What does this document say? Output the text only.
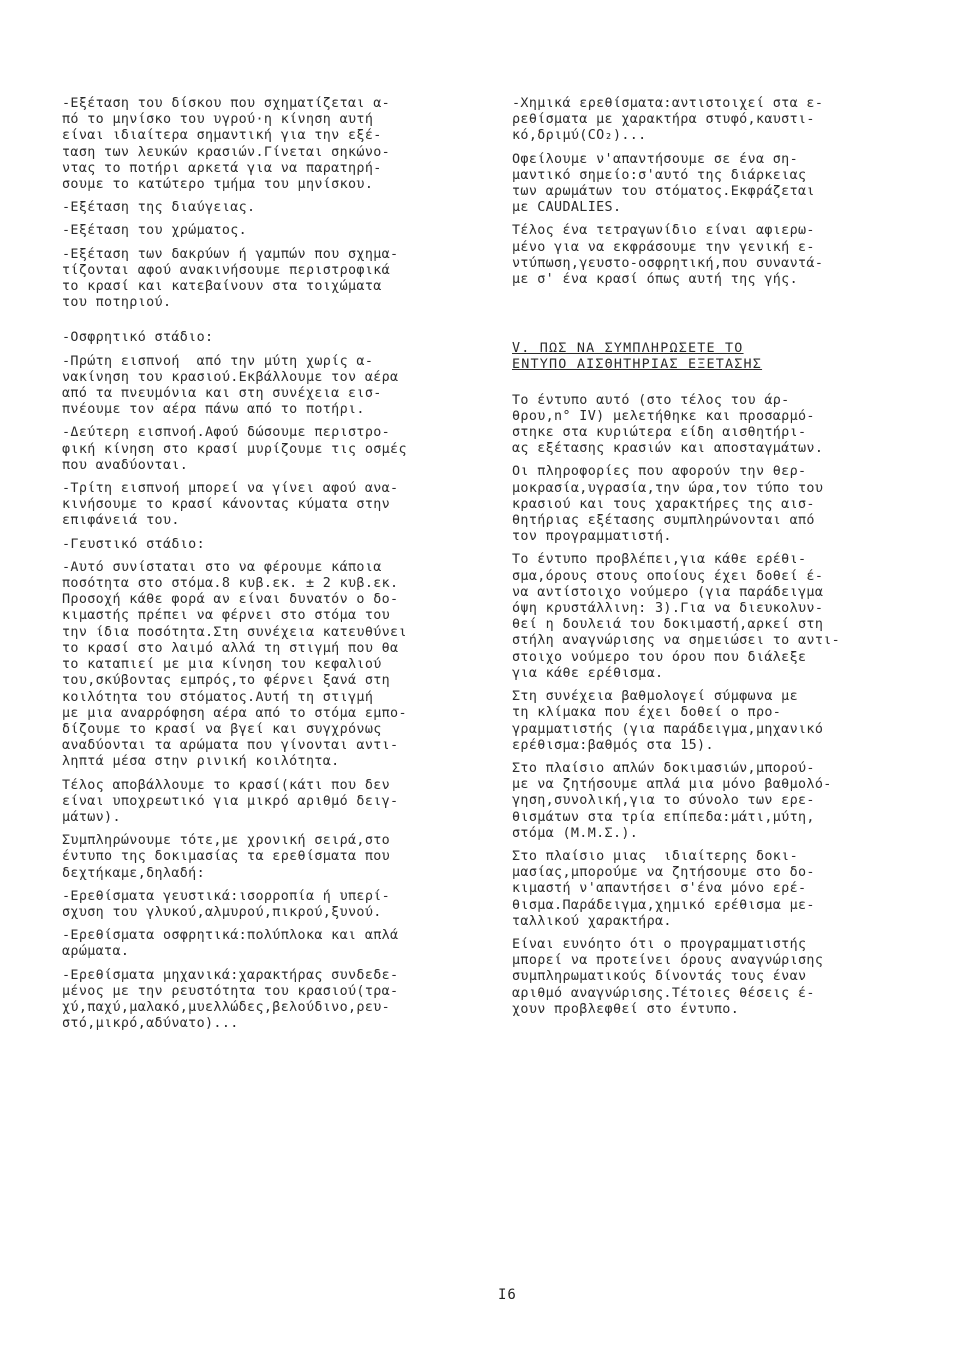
-Εξέταση του δίσκου που σχηματίζεται α-
πό το μηνίσκο του υγρού·η κίνηση αυτή
είναι ιδιαίτερα σημαντική για την εξέ-
ταση των λευκών κρασιών.Γίνεται σηκώνο-
ντας το ποτήρι αρκετά για να παρατηρή-
σουμε το κατώτερο τμήμα του μηνίσκου.
-Εξέταση της διαύγειας.
-Εξέταση του χρώματος.
-Εξέταση των δακρύων ή γαμπών που σχημα-
τίζονται αφού ανακινήσουμε περιστροφικά
το κρασί και κατεβαίνουν στα τοιχώματα
του ποτηριού.
-Οσφρητικό στάδιο:
-Πρώτη εισπνοή  από την μύτη χωρίς α-
νακίνηση του κρασιού.Εκβάλλουμε τον αέρα
από τα πνευμόνια και στη συνέχεια εισ-
πνέουμε τον αέρα πάνω από το ποτήρι.
-Δεύτερη εισπνοή.Αφού δώσουμε περιστρο-
φική κίνηση στο κρασί μυρίζουμε τις οσμές
που αναδύονται.
-Τρίτη εισπνοή μπορεί να γίνει αφού ανα-
κινήσουμε το κρασί κάνοντας κύματα στην
επιφάνειά του.
-Γευστικό στάδιο:
-Αυτό συνίσταται στο να φέρουμε κάποια
ποσότητα στο στόμα.8 κυβ.εκ. ± 2 κυβ.εκ.
Προσοχή κάθε φορά αν είναι δυνατόν ο δο-
κιμαστής πρέπει να φέρνει στο στόμα του
την ίδια ποσότητα.Στη συνέχεια κατευθύνει
το κρασί στο λαιμό αλλά τη στιγμή που θα
το καταπιεί με μια κίνηση του κεφαλιού
του,σκύβοντας εμπρός,το φέρνει ξανά στη
κοιλότητα του στόματος.Αυτή τη στιγμή
με μια αναρρόφηση αέρα από το στόμα εμπο-
δίζουμε το κρασί να βγεί και συγχρόνως
αναδύονται τα αρώματα που γίνονται αντι-
ληπτά μέσα στην ρινική κοιλότητα.
Τέλος αποβάλλουμε το κρασί(κάτι που δεν
είναι υποχρεωτικό για μικρό αριθμό δειγ-
μάτων).
Συμπληρώνουμε τότε,με χρονική σειρά,στο
έντυπο της δοκιμασίας τα ερεθίσματα που
δεχτήκαμε,δηλαδή:
-Ερεθίσματα γευστικά:ισορροπία ή υπερί-
σχυση του γλυκού,αλμυρού,πικρού,ξυνού.
-Ερεθίσματα οσφρητικά:πολύπλοκα και απλά
αρώματα.
-Ερεθίσματα μηχανικά:χαρακτήρας συνδεδε-
μένος με την ρευστότητα του κρασιού(τρα-
χύ,παχύ,μαλακό,μυελλώδες,βελούδινο,ρευ-
στό,μικρό,αδύνατο)...
-Χημικά ερεθίσματα:αντιστοιχεί στα ε-
ρεθίσματα με χαρακτήρα στυφό,καυστι-
κό,δριμύ(CO₂)...
Οφείλουμε ν'απαντήσουμε σε ένα ση-
μαντικό σημείο:σ'αυτό της διάρκειας
των αρωμάτων του στόματος.Εκφράζεται
με CAUDALIES.
Τέλος ένα τετραγωνίδιο είναι αφιερω-
μένο για να εκφράσουμε την γενική ε-
ντύπωση,γευστο-οσφρητική,που συναντά-
με σ' ένα κρασί όπως αυτή της γής.
V. ΠΩΣ ΝΑ ΣΥΜΠΛΗΡΩΣΕΤΕ ΤΟ
ΕΝΤΥΠΟ ΑΙΣΘΗΤΗΡΙΑΣ ΕΞΕΤΑΣΗΣ
Το έντυπο αυτό (στο τέλος του άρ-
θρου,n° IV) μελετήθηκε και προσαρμό-
στηκε στα κυριώτερα είδη αισθητήρι-
ας εξέτασης κρασιών και αποσταγμάτων.
Οι πληροφορίες που αφορούν την θερ-
μοκρασία,υγρασία,την ώρα,τον τύπο του
κρασιού και τους χαρακτήρες της αισ-
θητήριας εξέτασης συμπληρώνονται από
τον προγραμματιστή.
Το έντυπο προβλέπει,για κάθε ερέθι-
σμα,όρους στους οποίους έχει δοθεί έ-
να αντίστοιχο νούμερο (για παράδειγμα
όψη κρυστάλλινη: 3).Για να διευκολυν-
θεί η δουλειά του δοκιμαστή,αρκεί στη
στήλη αναγνώρισης να σημειώσει το αντι-
στοιχο νούμερο του όρου που διάλεξε
για κάθε ερέθισμα.
Στη συνέχεια βαθμολογεί σύμφωνα με
τη κλίμακα που έχει δοθεί ο προ-
γραμματιστής (για παράδειγμα,μηχανικό
ερέθισμα:βαθμός στα 15).
Στο πλαίσιο απλών δοκιμασιών,μπορού-
με να ζητήσουμε απλά μια μόνο βαθμολό-
γηση,συνολική,για το σύνολο των ερε-
θισμάτων στα τρία επίπεδα:μάτι,μύτη,
στόμα (Μ.Μ.Σ.).
Στο πλαίσιο μιας  ιδιαίτερης δοκι-
μασίας,μπορούμε να ζητήσουμε στο δο-
κιμαστή ν'απαντήσει σ'ένα μόνο ερέ-
θισμα.Παράδειγμα,χημικό ερέθισμα με-
ταλλικού χαρακτήρα.
Είναι ευνόητο ότι ο προγραμματιστής
μπορεί να προτείνει όρους αναγνώρισης
συμπληρωματικούς δίνοντάς τους έναν
αριθμό αναγνώρισης.Τέτοιες θέσεις έ-
χουν προβλεφθεί στο έντυπο.
I6
